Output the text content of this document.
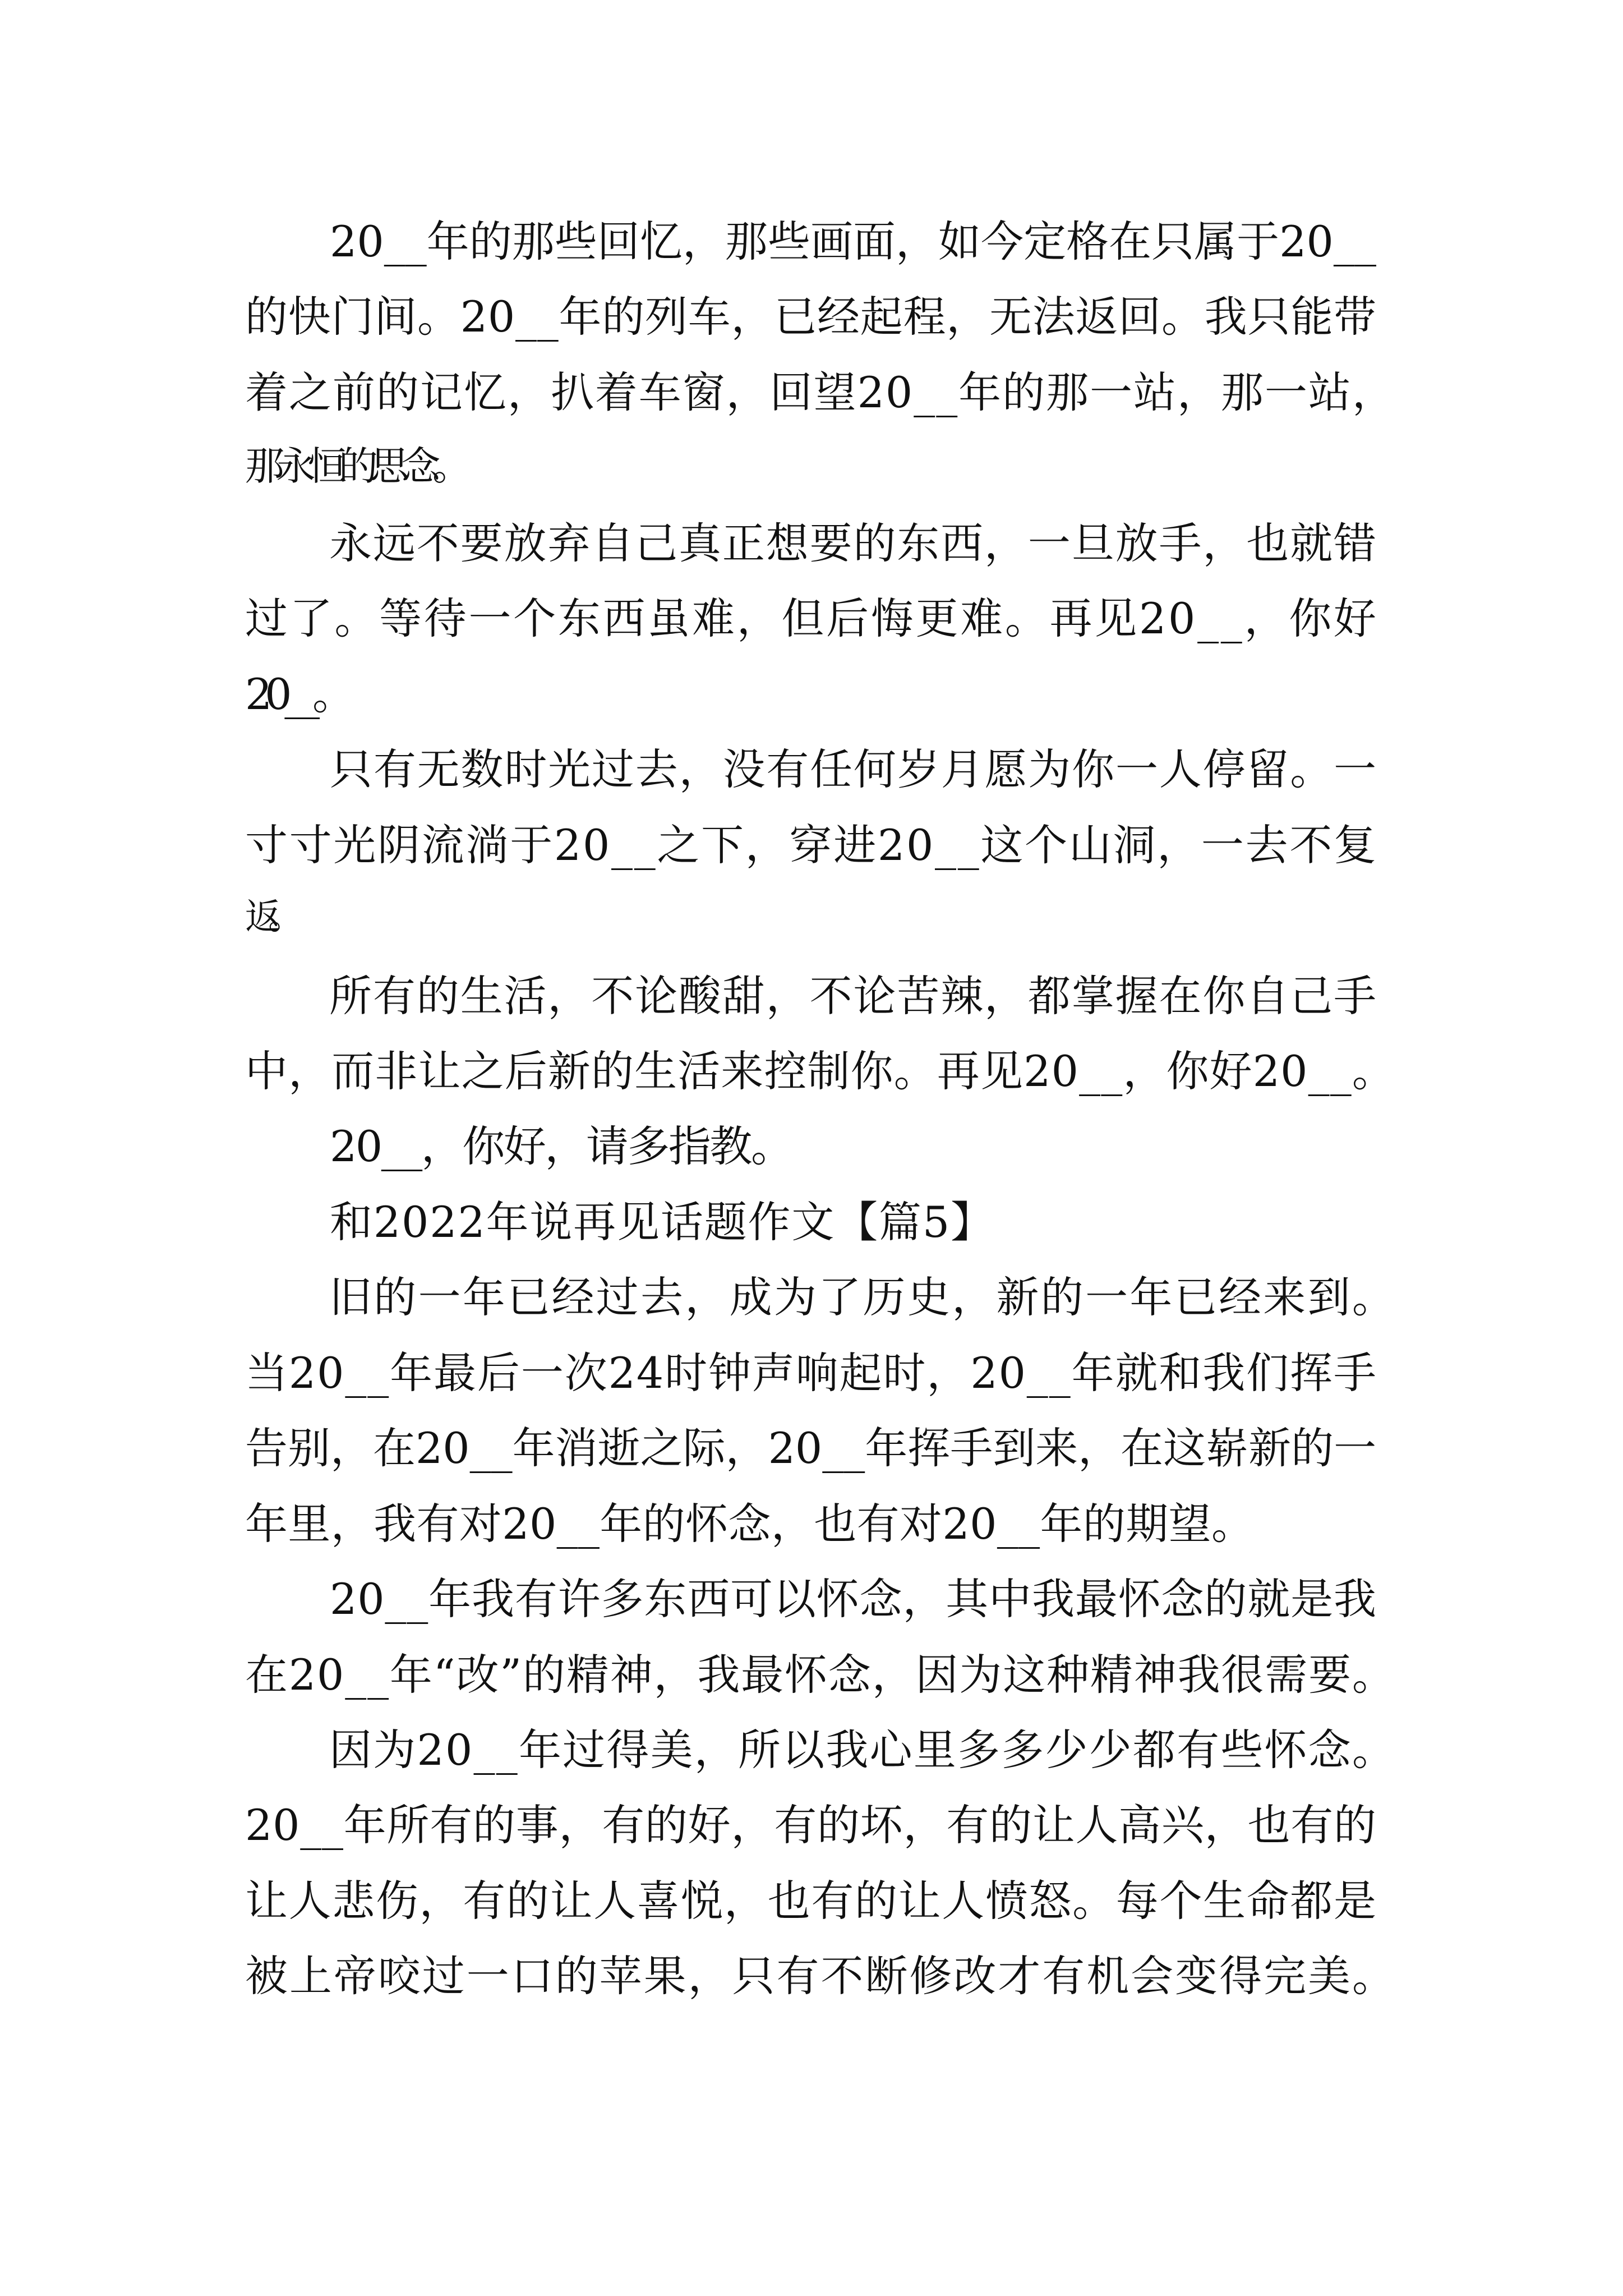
20__年的那些回忆，那些画面，如今定格在只属于20__
的快门间。20__年的列车，已经起程，无法返回。我只能带
着之前的记忆，扒着车窗，回望20__年的那一站，那一站，
那永恒的思念。
永远不要放弃自己真正想要的东西，一旦放手，也就错
过了。等待一个东西虽难，但后悔更难。再见20__，你好
20__。
只有无数时光过去，没有任何岁月愿为你一人停留。一
寸寸光阴流淌于20__之下，穿进20__这个山洞，一去不复
返。
所有的生活，不论酸甜，不论苦辣，都掌握在你自己手
中，而非让之后新的生活来控制你。再见20__，你好20__。
20__，你好，请多指教。
和2022年说再见话题作文【篇5】
旧的一年已经过去，成为了历史，新的一年已经来到。
当20__年最后一次24时钟声响起时，20__年就和我们挥手
告别，在20__年消逝之际，20__年挥手到来，在这崭新的一
年里，我有对20__年的怀念，也有对20__年的期望。
20__年我有许多东西可以怀念，其中我最怀念的就是我
在20__年“改”的精神，我最怀念，因为这种精神我很需要。
因为20__年过得美，所以我心里多多少少都有些怀念。
20__年所有的事，有的好，有的坏，有的让人高兴，也有的
让人悲伤，有的让人喜悦，也有的让人愤怒。每个生命都是
被上帝咬过一口的苹果，只有不断修改才有机会变得完美。
